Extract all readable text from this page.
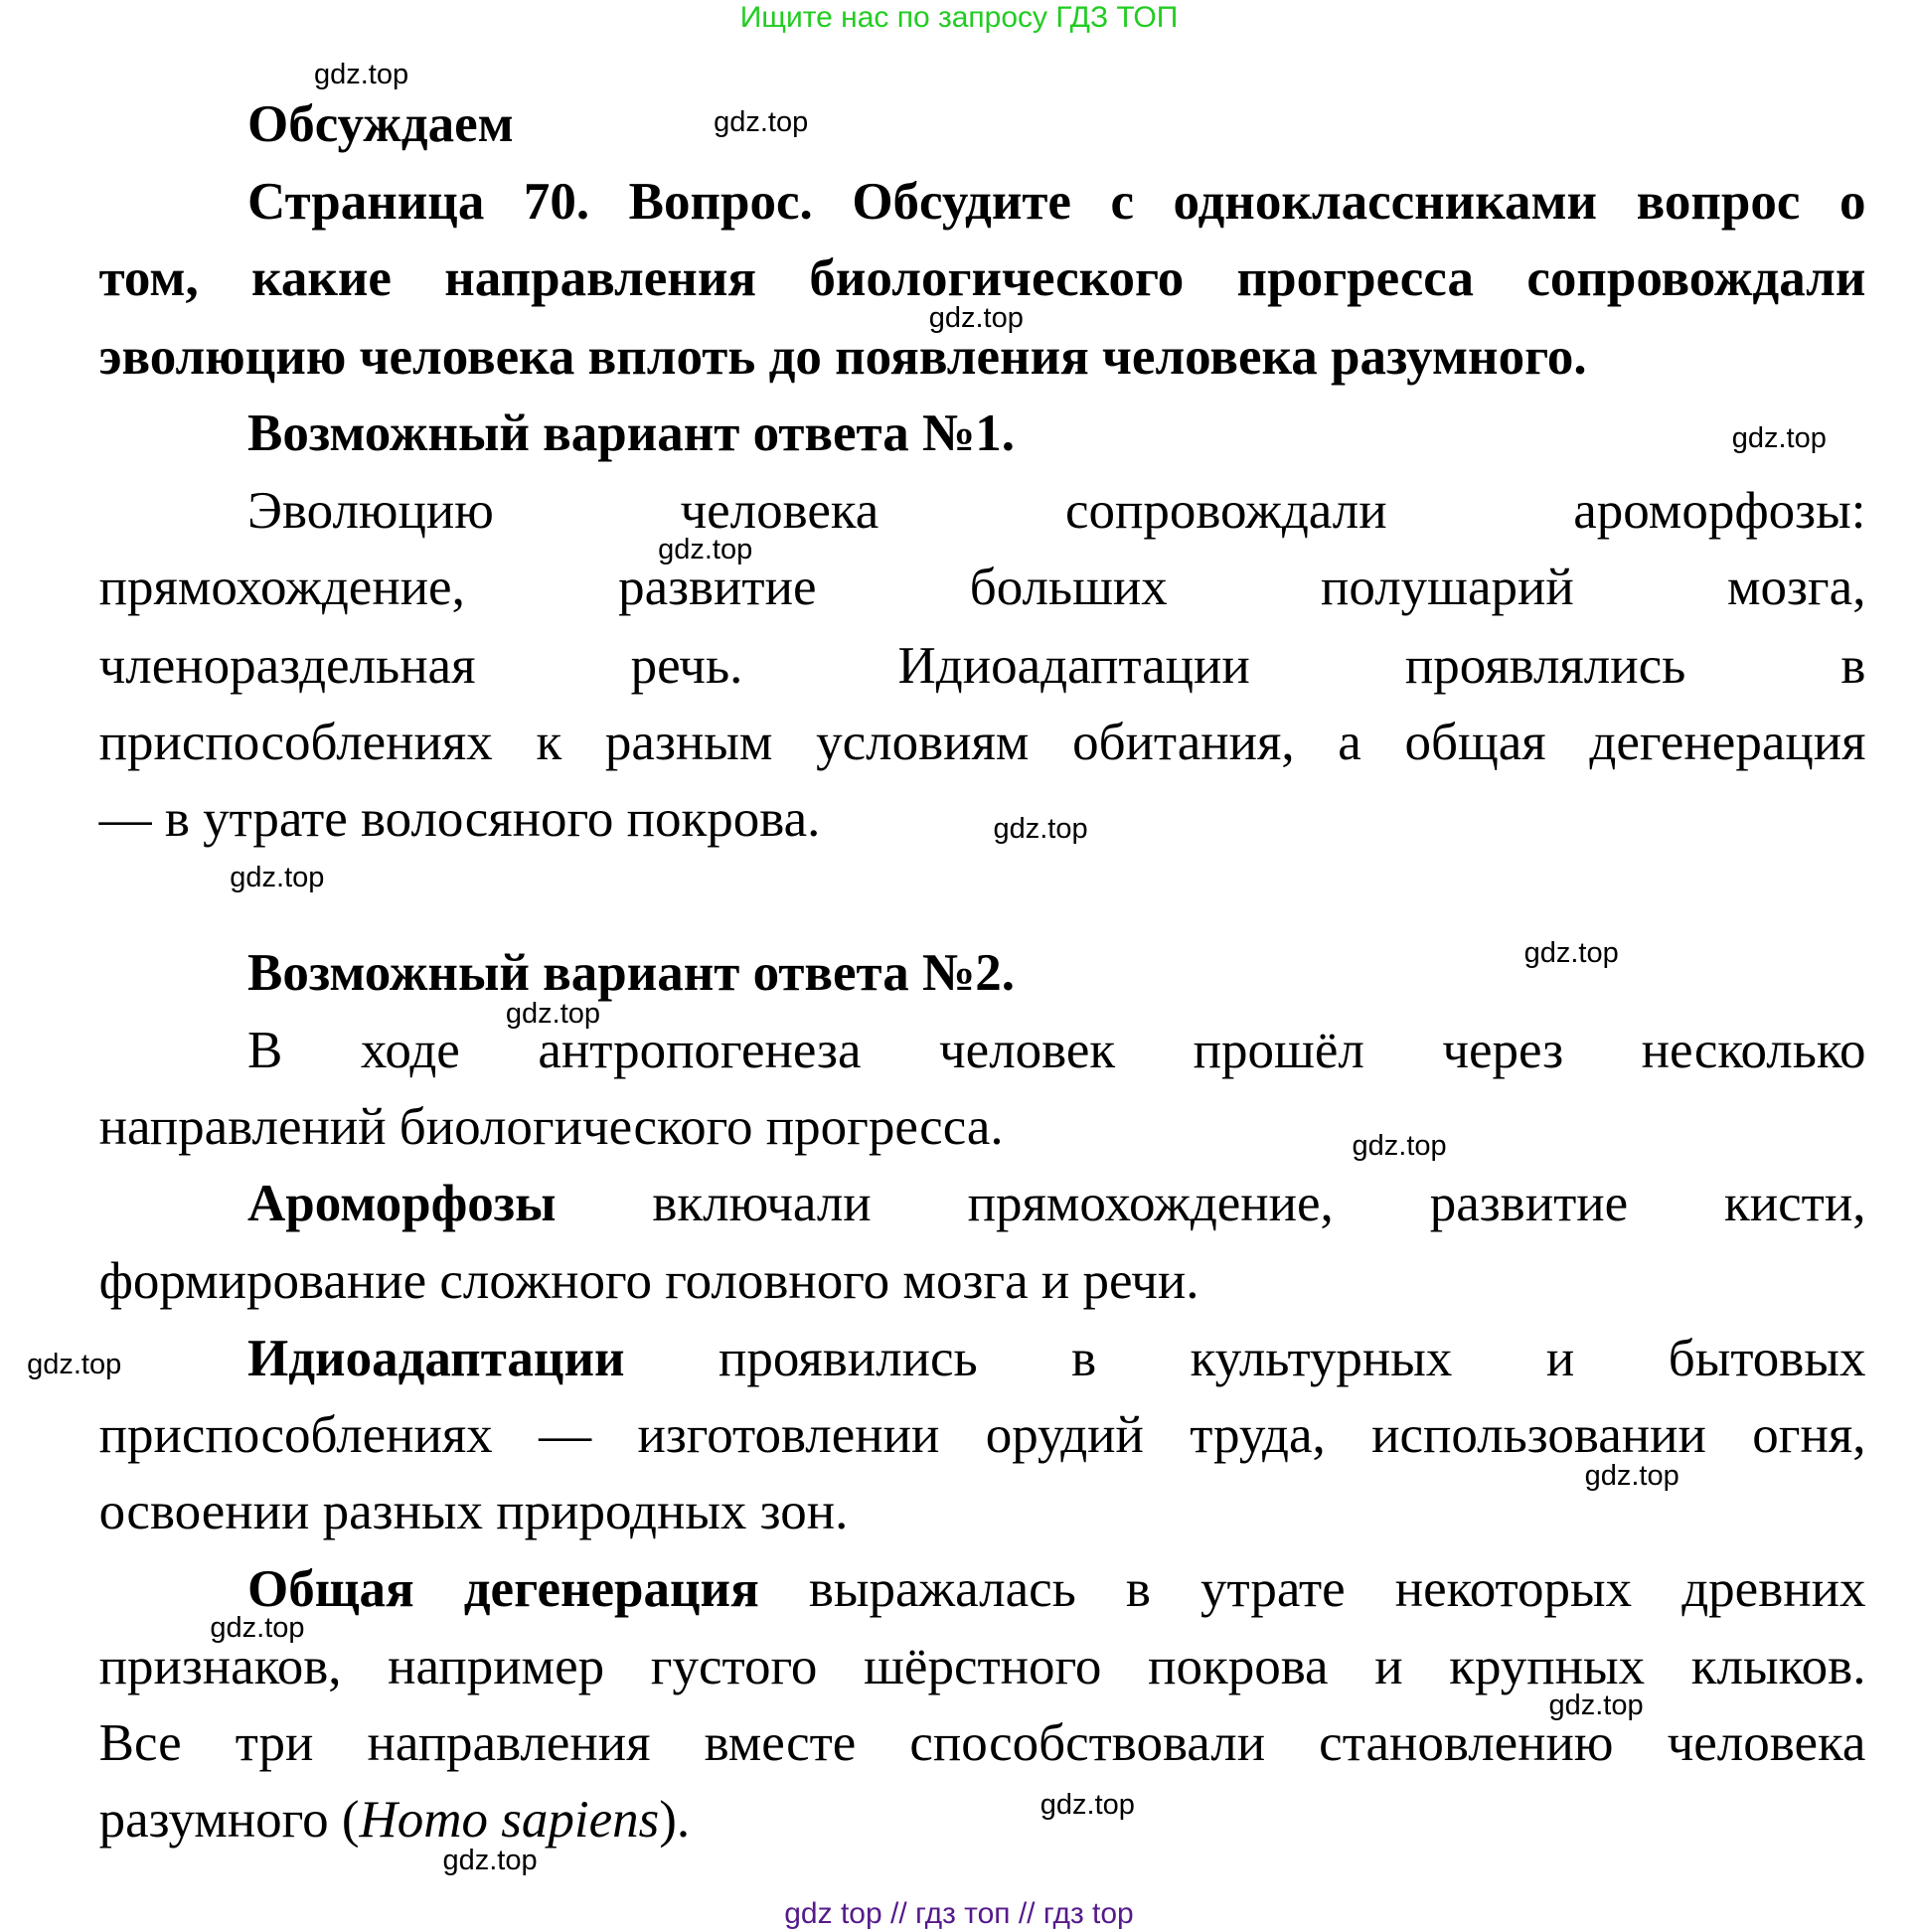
Ищите нас по запросу ГДЗ ТОП
Обсуждаем
Страница 70. Вопрос. Обсудите с одноклассниками вопрос о
том, какие направления биологического прогресса сопровождали
эволюцию человека вплоть до появления человека разумного.
Возможный вариант ответа №1.
Эволюцию человека сопровождали ароморфозы:
прямохождение, развитие больших полушарий мозга,
членораздельная речь. Идиоадаптации проявлялись в
приспособлениях к разным условиям обитания, а общая дегенерация
— в утрате волосяного покрова.
Возможный вариант ответа №2.
В ходе антропогенеза человек прошёл через несколько
направлений биологического прогресса.
Ароморфозы включали прямохождение, развитие кисти,
формирование сложного головного мозга и речи.
Идиоадаптации проявились в культурных и бытовых
приспособлениях — изготовлении орудий труда, использовании огня,
освоении разных природных зон.
Общая дегенерация выражалась в утрате некоторых древних
признаков, например густого шёрстного покрова и крупных клыков.
Все три направления вместе способствовали становлению человека
разумного (Homo sapiens).
gdz.top
gdz.top
gdz.top
gdz.top
gdz.top
gdz.top
gdz.top
gdz.top
gdz.top
gdz.top
gdz.top
gdz.top
gdz.top
gdz.top
gdz.top
gdz.top
gdz top // гдз топ // гдз top
